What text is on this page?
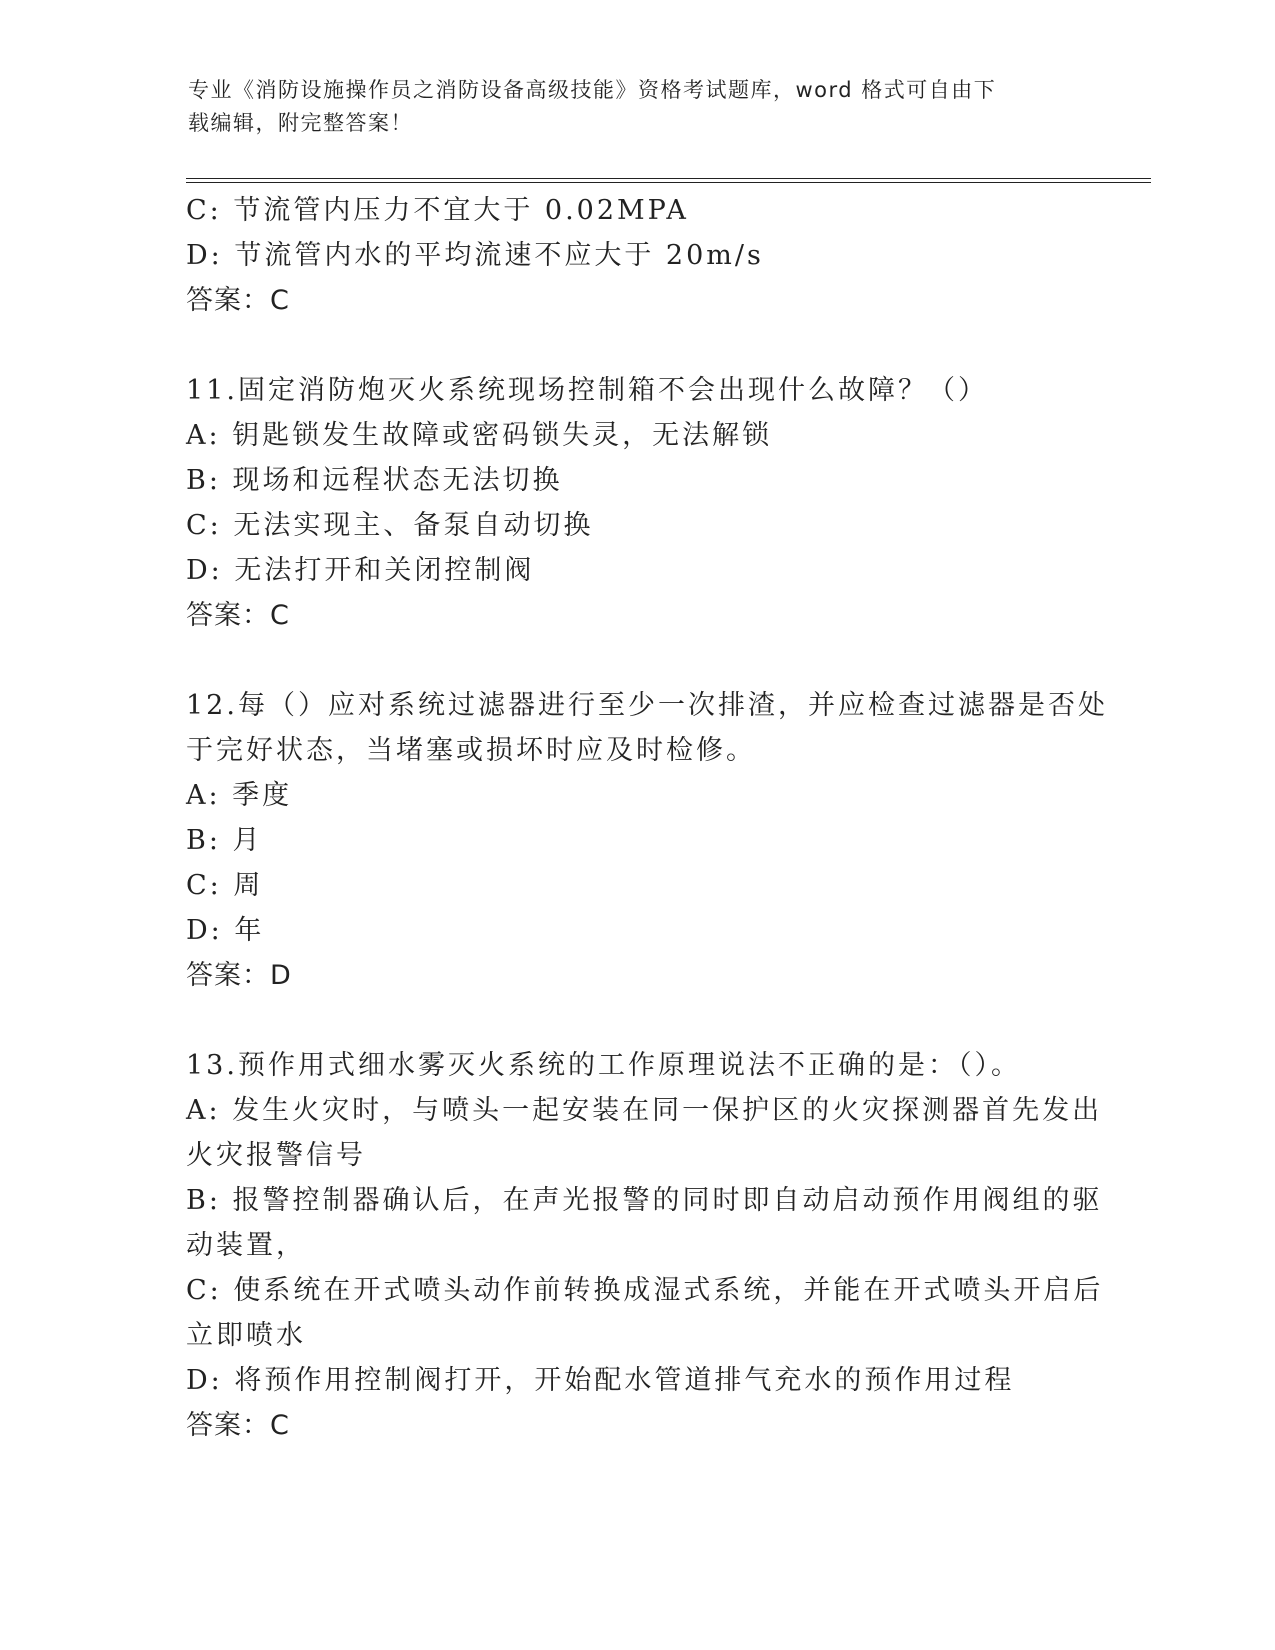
专业《消防设施操作员之消防设备高级技能》资格考试题库，word 格式可自由下
载编辑，附完整答案！
C: 节流管内压力不宜大于 0.02MPA
D: 节流管内水的平均流速不应大于 20m/s
答案：C
11.固定消防炮灭火系统现场控制箱不会出现什么故障？（）
A: 钥匙锁发生故障或密码锁失灵，无法解锁
B: 现场和远程状态无法切换
C: 无法实现主、备泵自动切换
D: 无法打开和关闭控制阀
答案：C
12.每（）应对系统过滤器进行至少一次排渣，并应检查过滤器是否处
于完好状态，当堵塞或损坏时应及时检修。
A: 季度
B: 月
C: 周
D: 年
答案：D
13.预作用式细水雾灭火系统的工作原理说法不正确的是：（）。
A: 发生火灾时，与喷头一起安装在同一保护区的火灾探测器首先发出
火灾报警信号
B: 报警控制器确认后，在声光报警的同时即自动启动预作用阀组的驱
动装置，
C: 使系统在开式喷头动作前转换成湿式系统，并能在开式喷头开启后
立即喷水
D: 将预作用控制阀打开，开始配水管道排气充水的预作用过程
答案：C
